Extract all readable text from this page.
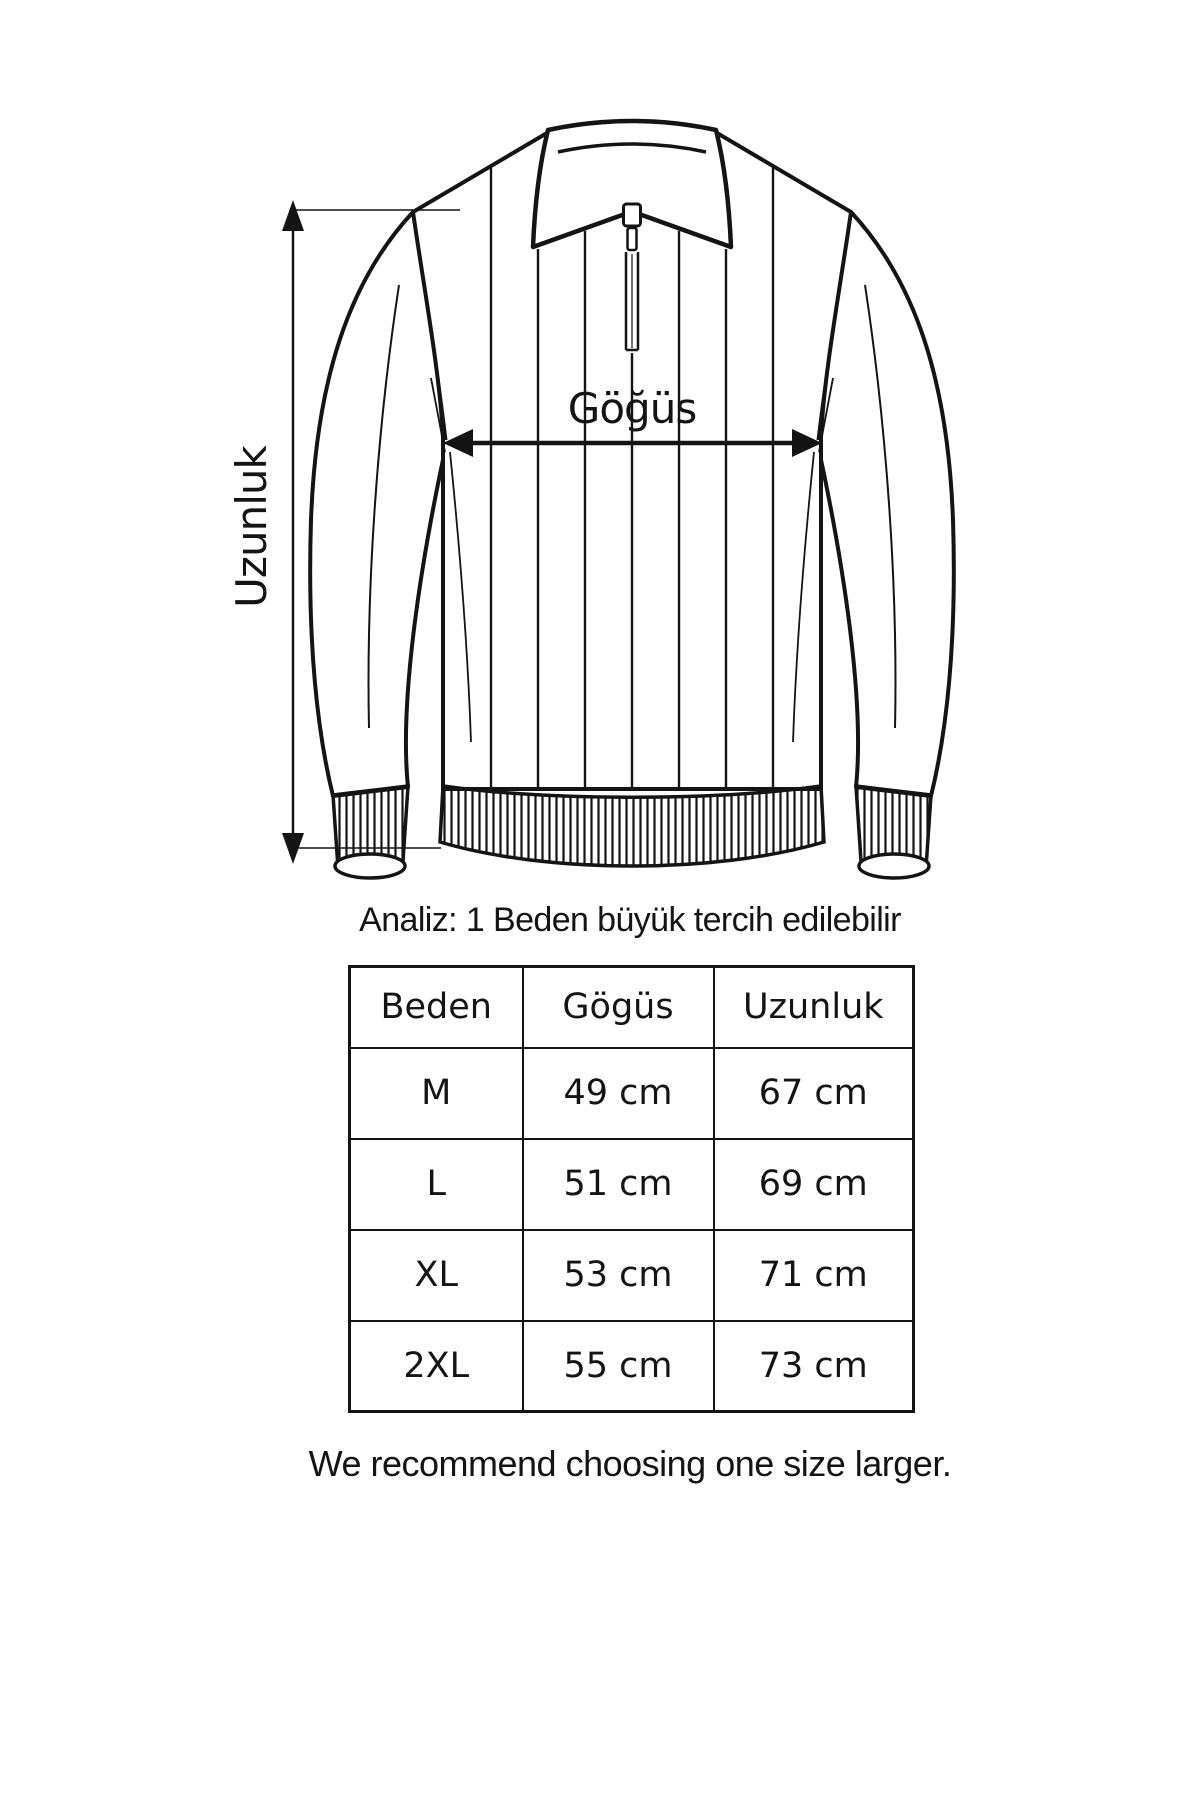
Göğüs
Uzunluk
Analiz: 1 Beden büyük tercih edilebilir
Beden	Gögüs	Uzunluk
M	49 cm	67 cm
L	51 cm	69 cm
XL	53 cm	71 cm
2XL	55 cm	73 cm
We recommend choosing one size larger.
